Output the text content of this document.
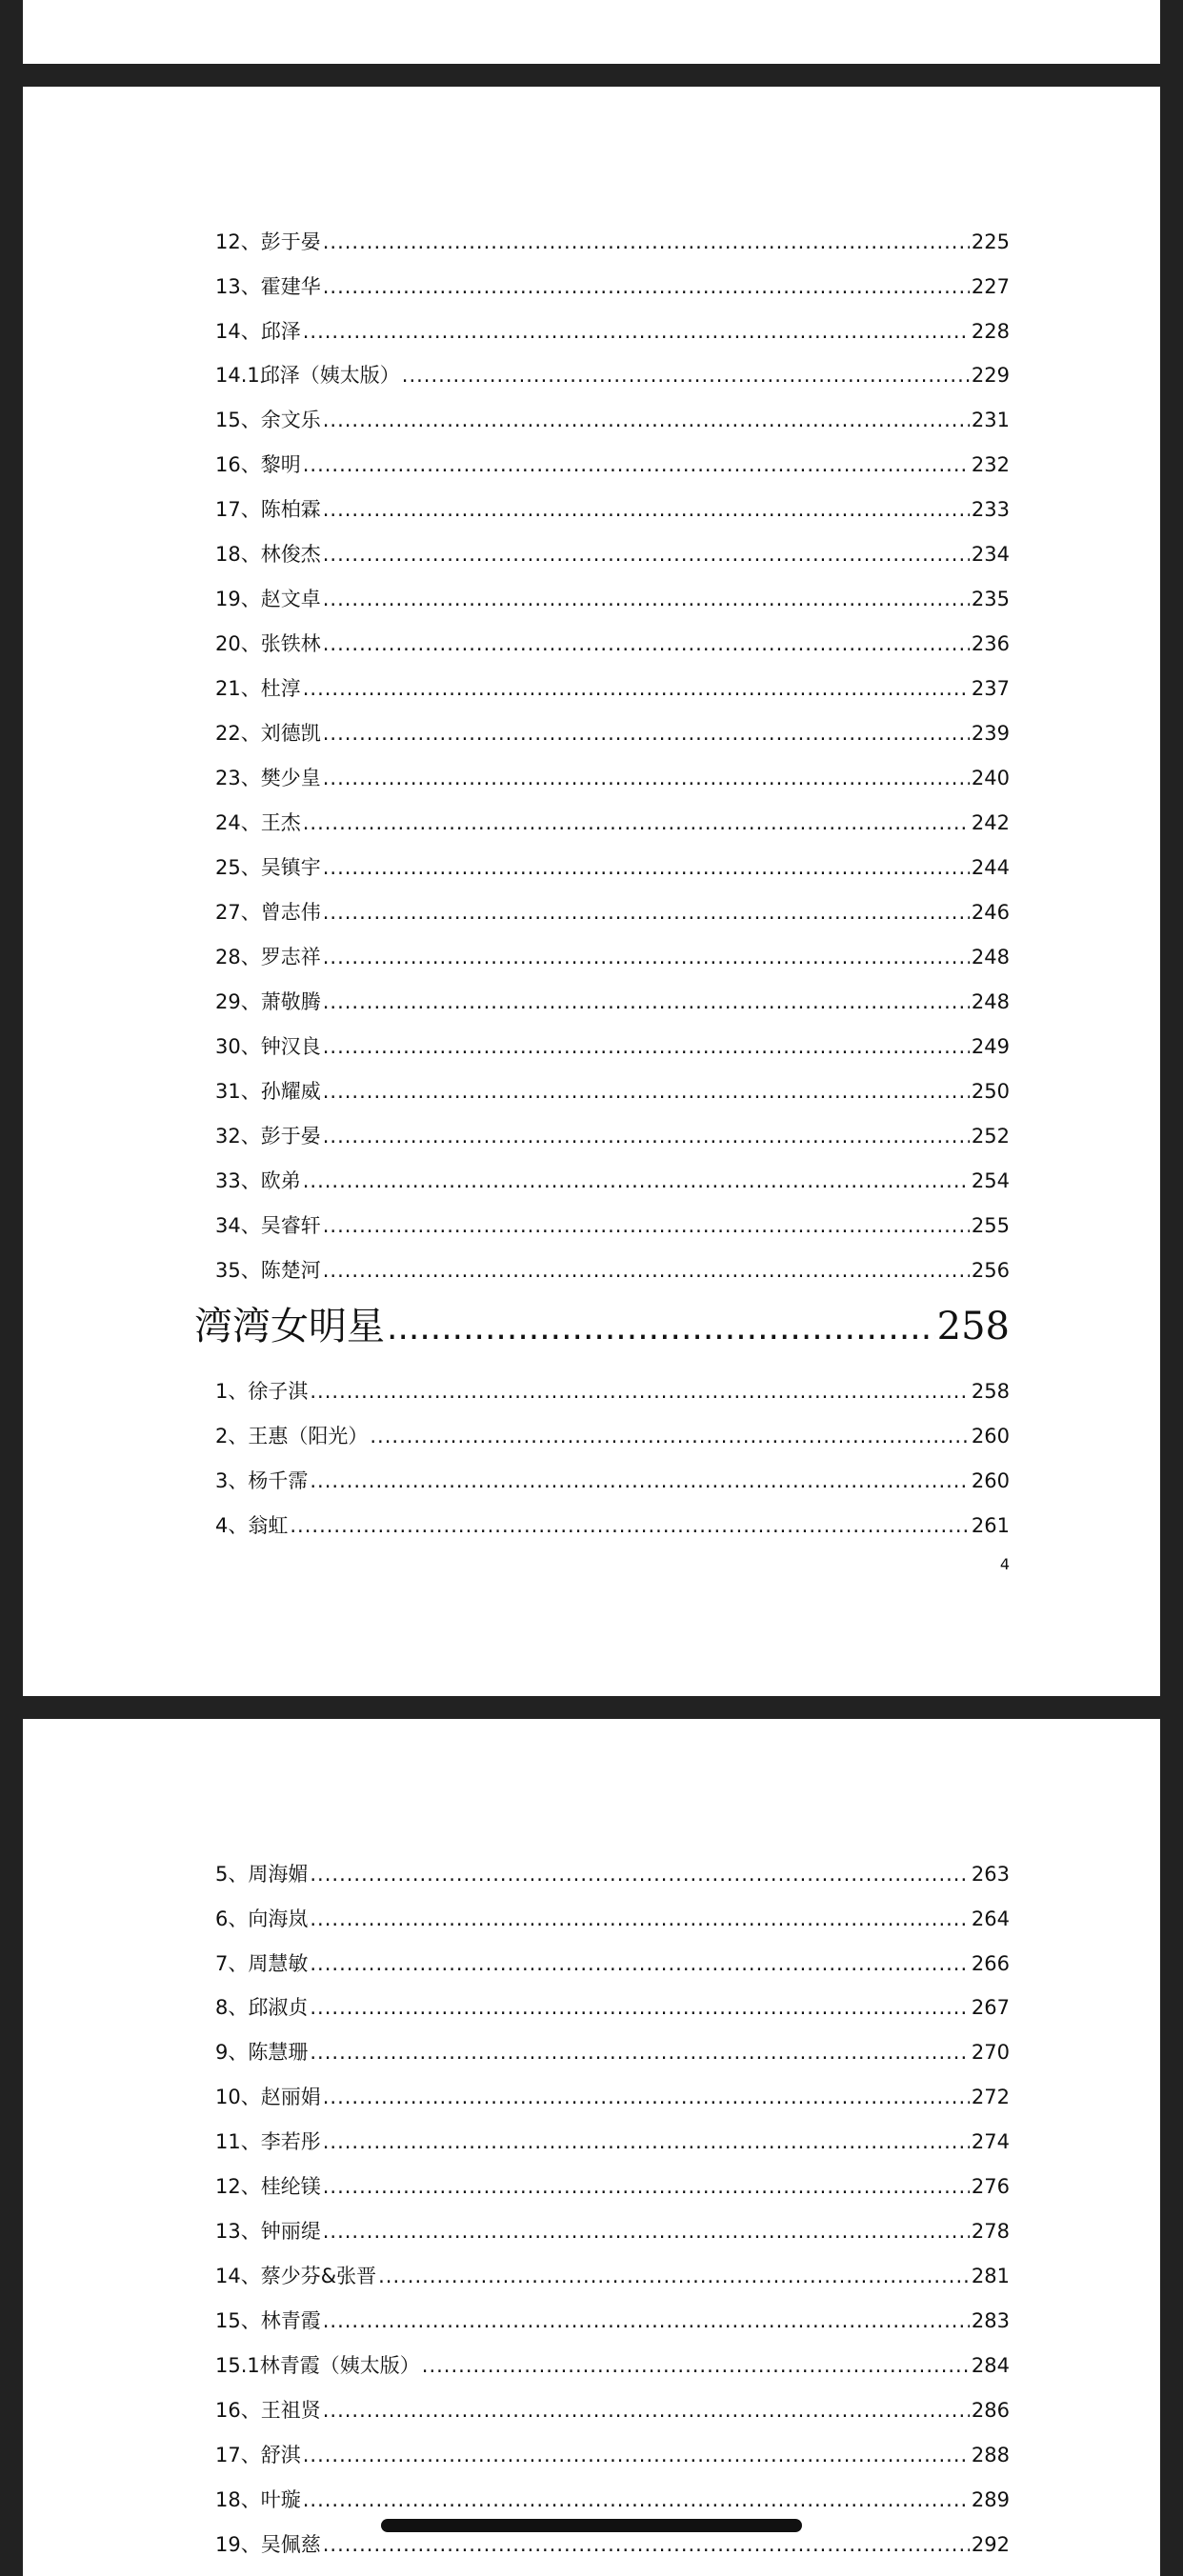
12、彭于晏 .....	225
13、霍建华 .....	227
14、邱泽 .....	228
14.1邱泽（姨太版） .....	229
15、余文乐 .....	231
16、黎明 .....	232
17、陈柏霖 .....	233
18、林俊杰 .....	234
19、赵文卓 .....	235
20、张铁林 .....	236
21、杜淳 .....	237
22、刘德凯 .....	239
23、樊少皇 .....	240
24、王杰 .....	242
25、吴镇宇 .....	244
27、曾志伟 .....	246
28、罗志祥 .....	248
29、萧敬腾 .....	248
30、钟汉良 .....	249
31、孙耀威 .....	250
32、彭于晏 .....	252
33、欧弟 .....	254
34、吴睿轩 .....	255
35、陈楚河 .....	256
湾湾女明星 .....	258
1、徐子淇 .....	258
2、王惠（阳光） .....	260
3、杨千霈 .....	260
4、翁虹 .....	261
4
5、周海媚 .....	263
6、向海岚 .....	264
7、周慧敏 .....	266
8、邱淑贞 .....	267
9、陈慧珊 .....	270
10、赵丽娟 .....	272
11、李若彤 .....	274
12、桂纶镁 .....	276
13、钟丽缇 .....	278
14、蔡少芬&张晋 .....	281
15、林青霞 .....	283
15.1林青霞（姨太版） .....	284
16、王祖贤 .....	286
17、舒淇 .....	288
18、叶璇 .....	289
19、吴佩慈 .....	292
